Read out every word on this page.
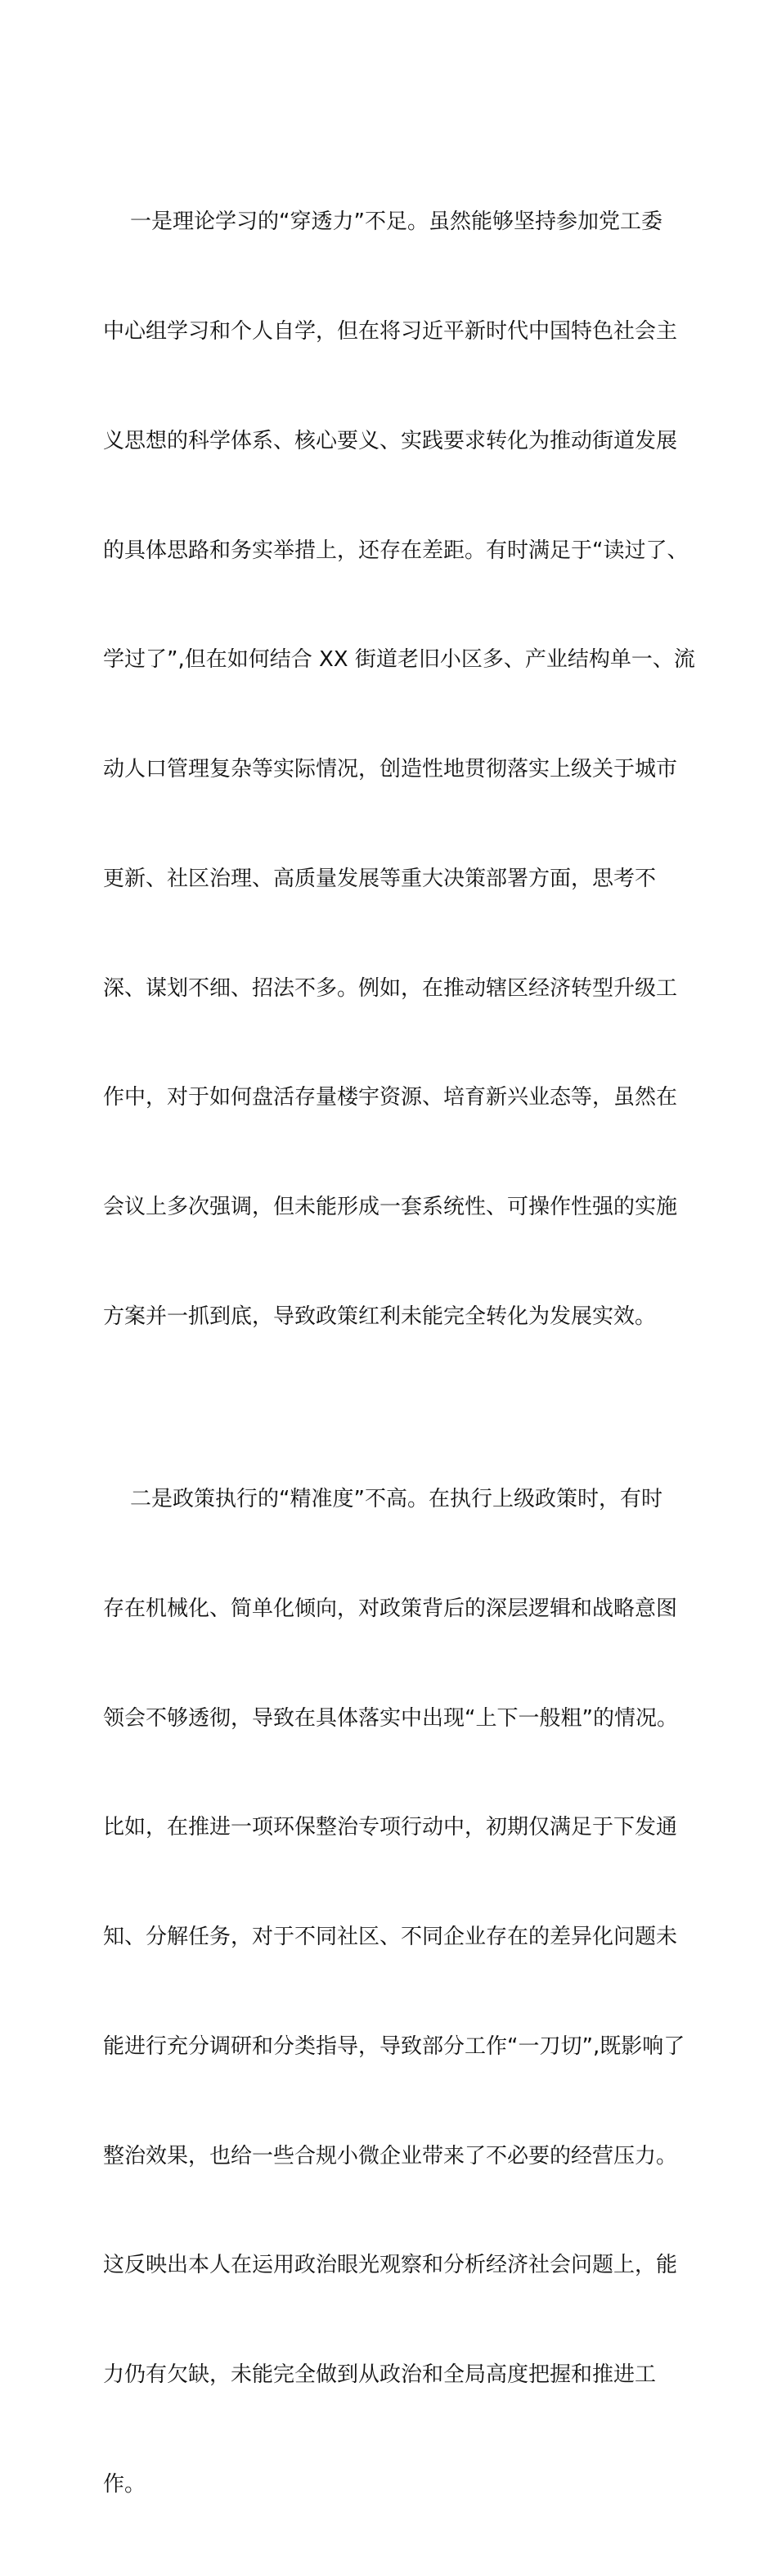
一是理论学习的“穿透力”不足。虽然能够坚持参加党工委

中心组学习和个人自学，但在将习近平新时代中国特色社会主

义思想的科学体系、核心要义、实践要求转化为推动街道发展

的具体思路和务实举措上，还存在差距。有时满足于“读过了、

学过了”,但在如何结合 XX 街道老旧小区多、产业结构单一、流

动人口管理复杂等实际情况，创造性地贯彻落实上级关于城市

更新、社区治理、高质量发展等重大决策部署方面，思考不

深、谋划不细、招法不多。例如，在推动辖区经济转型升级工

作中，对于如何盘活存量楼宇资源、培育新兴业态等，虽然在

会议上多次强调，但未能形成一套系统性、可操作性强的实施

方案并一抓到底，导致政策红利未能完全转化为发展实效。

二是政策执行的“精准度”不高。在执行上级政策时，有时

存在机械化、简单化倾向，对政策背后的深层逻辑和战略意图

领会不够透彻，导致在具体落实中出现“上下一般粗”的情况。

比如，在推进一项环保整治专项行动中，初期仅满足于下发通

知、分解任务，对于不同社区、不同企业存在的差异化问题未

能进行充分调研和分类指导，导致部分工作“一刀切”,既影响了

整治效果，也给一些合规小微企业带来了不必要的经营压力。

这反映出本人在运用政治眼光观察和分析经济社会问题上，能

力仍有欠缺，未能完全做到从政治和全局高度把握和推进工

作。
